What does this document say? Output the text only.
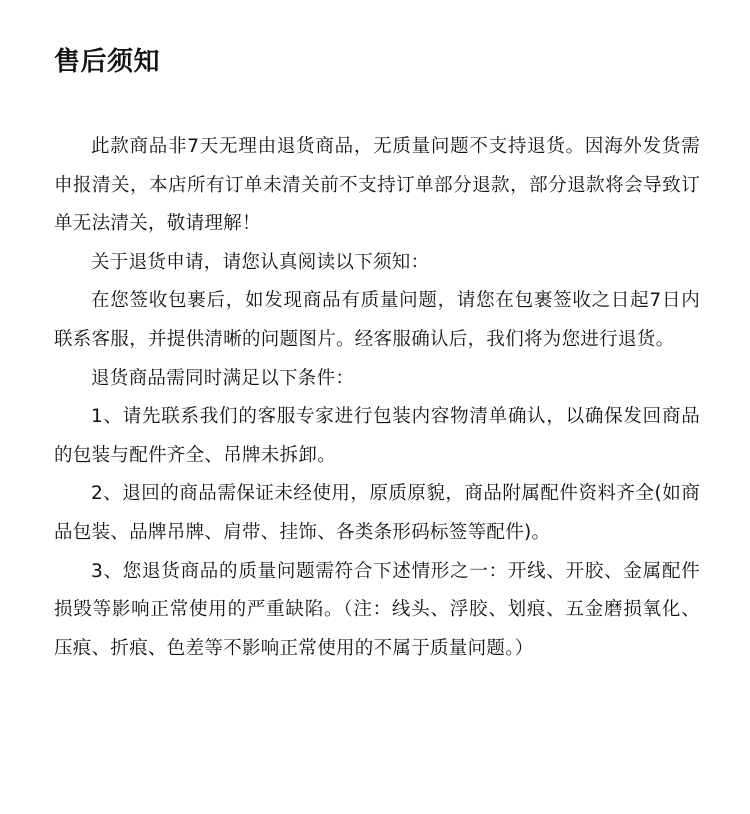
售后须知

此款商品非7天无理由退货商品，无质量问题不支持退货。因海外发货需申报清关，本店所有订单未清关前不支持订单部分退款，部分退款将会导致订单无法清关，敬请理解！

关于退货申请，请您认真阅读以下须知：

在您签收包裹后，如发现商品有质量问题，请您在包裹签收之日起7日内联系客服，并提供清晰的问题图片。经客服确认后，我们将为您进行退货。

退货商品需同时满足以下条件：

1、请先联系我们的客服专家进行包装内容物清单确认，以确保发回商品的包装与配件齐全、吊牌未拆卸。

2、退回的商品需保证未经使用，原质原貌，商品附属配件资料齐全(如商品包装、品牌吊牌、肩带、挂饰、各类条形码标签等配件)。

3、您退货商品的质量问题需符合下述情形之一：开线、开胶、金属配件损毁等影响正常使用的严重缺陷。（注：线头、浮胶、划痕、五金磨损氧化、压痕、折痕、色差等不影响正常使用的不属于质量问题。）
